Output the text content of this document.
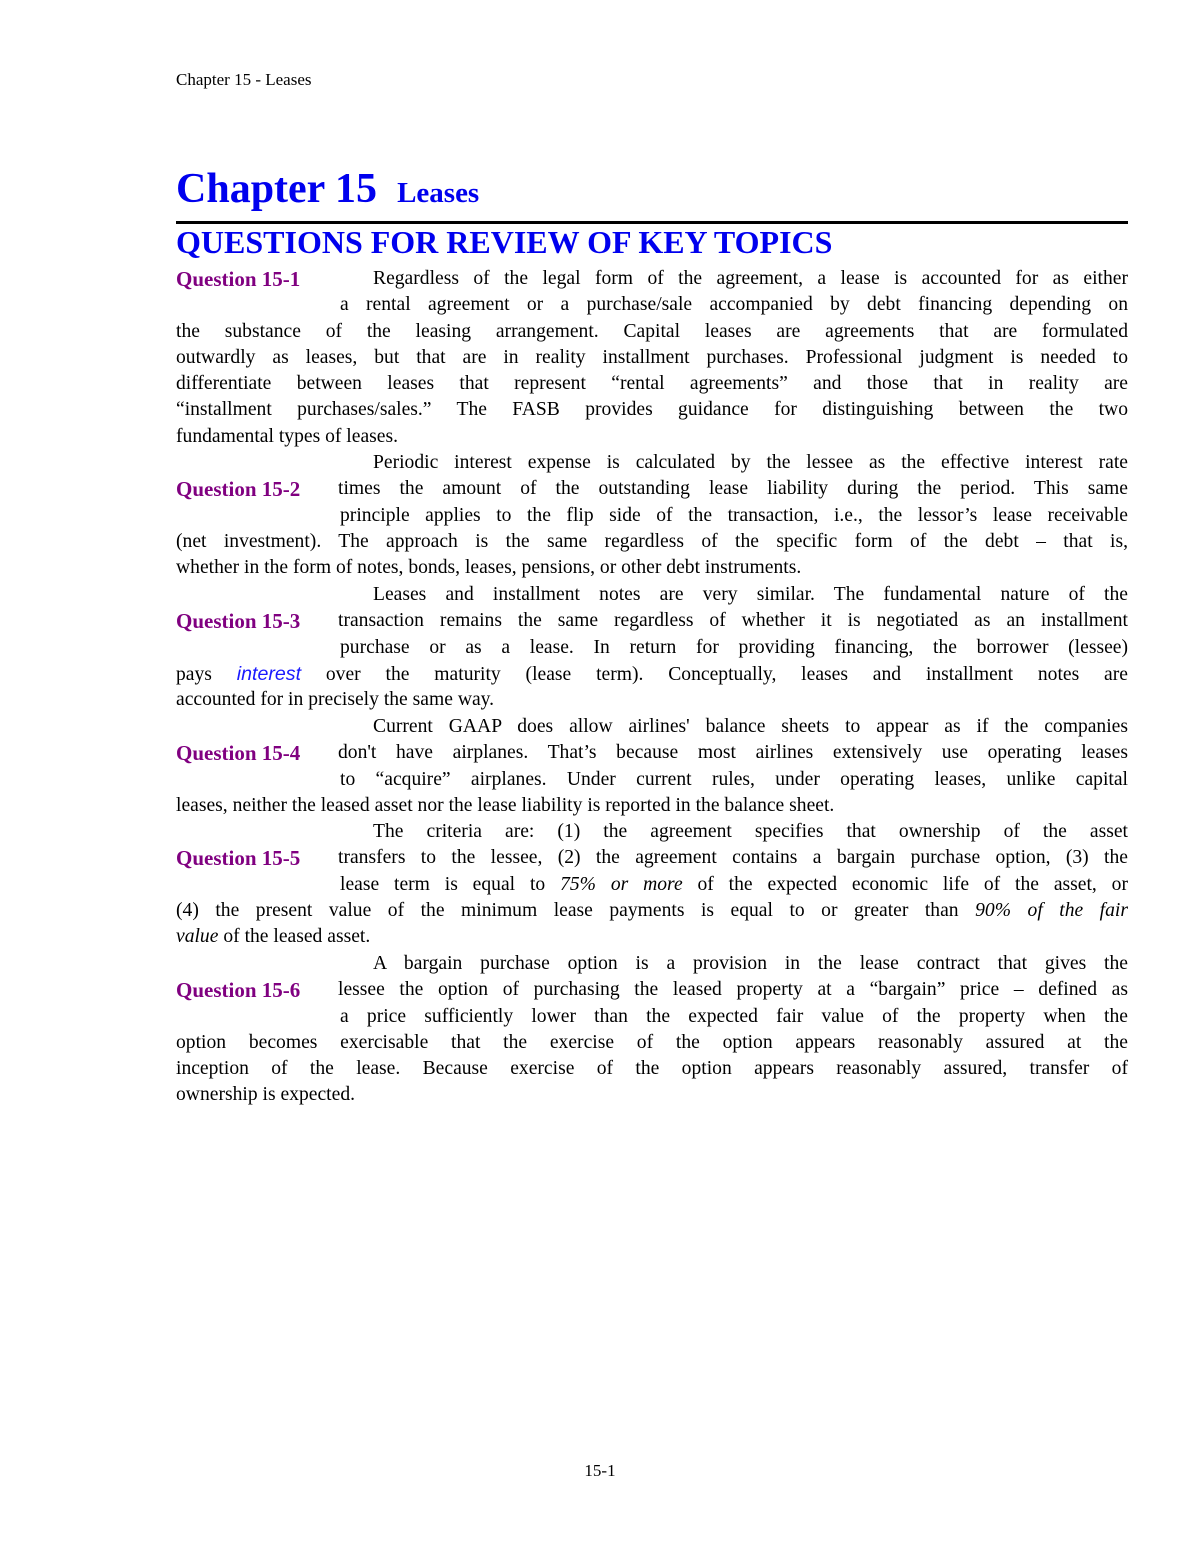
Chapter 15 - Leases
Chapter 15 Leases
QUESTIONS FOR REVIEW OF KEY TOPICS
Question 15-1	Regardless of the legal form of the agreement, a lease is accounted for as either
a rental agreement or a purchase/sale accompanied by debt financing depending on
the substance of the leasing arrangement. Capital leases are agreements that are formulated
outwardly as leases, but that are in reality installment purchases. Professional judgment is needed to
differentiate between leases that represent “rental agreements” and those that in reality are
“installment purchases/sales.” The FASB provides guidance for distinguishing between the two
fundamental types of leases.
Periodic interest expense is calculated by the lessee as the effective interest rate
Question 15-2 times the amount of the outstanding lease liability during the period. This same
principle applies to the flip side of the transaction, i.e., the lessor’s lease receivable
(net investment). The approach is the same regardless of the specific form of the debt – that is,
whether in the form of notes, bonds, leases, pensions, or other debt instruments.
Leases and installment notes are very similar. The fundamental nature of the
Question 15-3 transaction remains the same regardless of whether it is negotiated as an installment
purchase or as a lease. In return for providing financing, the borrower (lessee)
pays interest over the maturity (lease term). Conceptually, leases and installment notes are
accounted for in precisely the same way.
Current GAAP does allow airlines' balance sheets to appear as if the companies
Question 15-4 don't have airplanes. That’s because most airlines extensively use operating leases
to “acquire” airplanes. Under current rules, under operating leases, unlike capital
leases, neither the leased asset nor the lease liability is reported in the balance sheet.
The criteria are: (1) the agreement specifies that ownership of the asset
Question 15-5 transfers to the lessee, (2) the agreement contains a bargain purchase option, (3) the
lease term is equal to 75% or more of the expected economic life of the asset, or
(4) the present value of the minimum lease payments is equal to or greater than 90% of the fair
value of the leased asset.
A bargain purchase option is a provision in the lease contract that gives the
Question 15-6 lessee the option of purchasing the leased property at a “bargain” price – defined as
a price sufficiently lower than the expected fair value of the property when the
option becomes exercisable that the exercise of the option appears reasonably assured at the
inception of the lease. Because exercise of the option appears reasonably assured, transfer of
ownership is expected.
15-1
